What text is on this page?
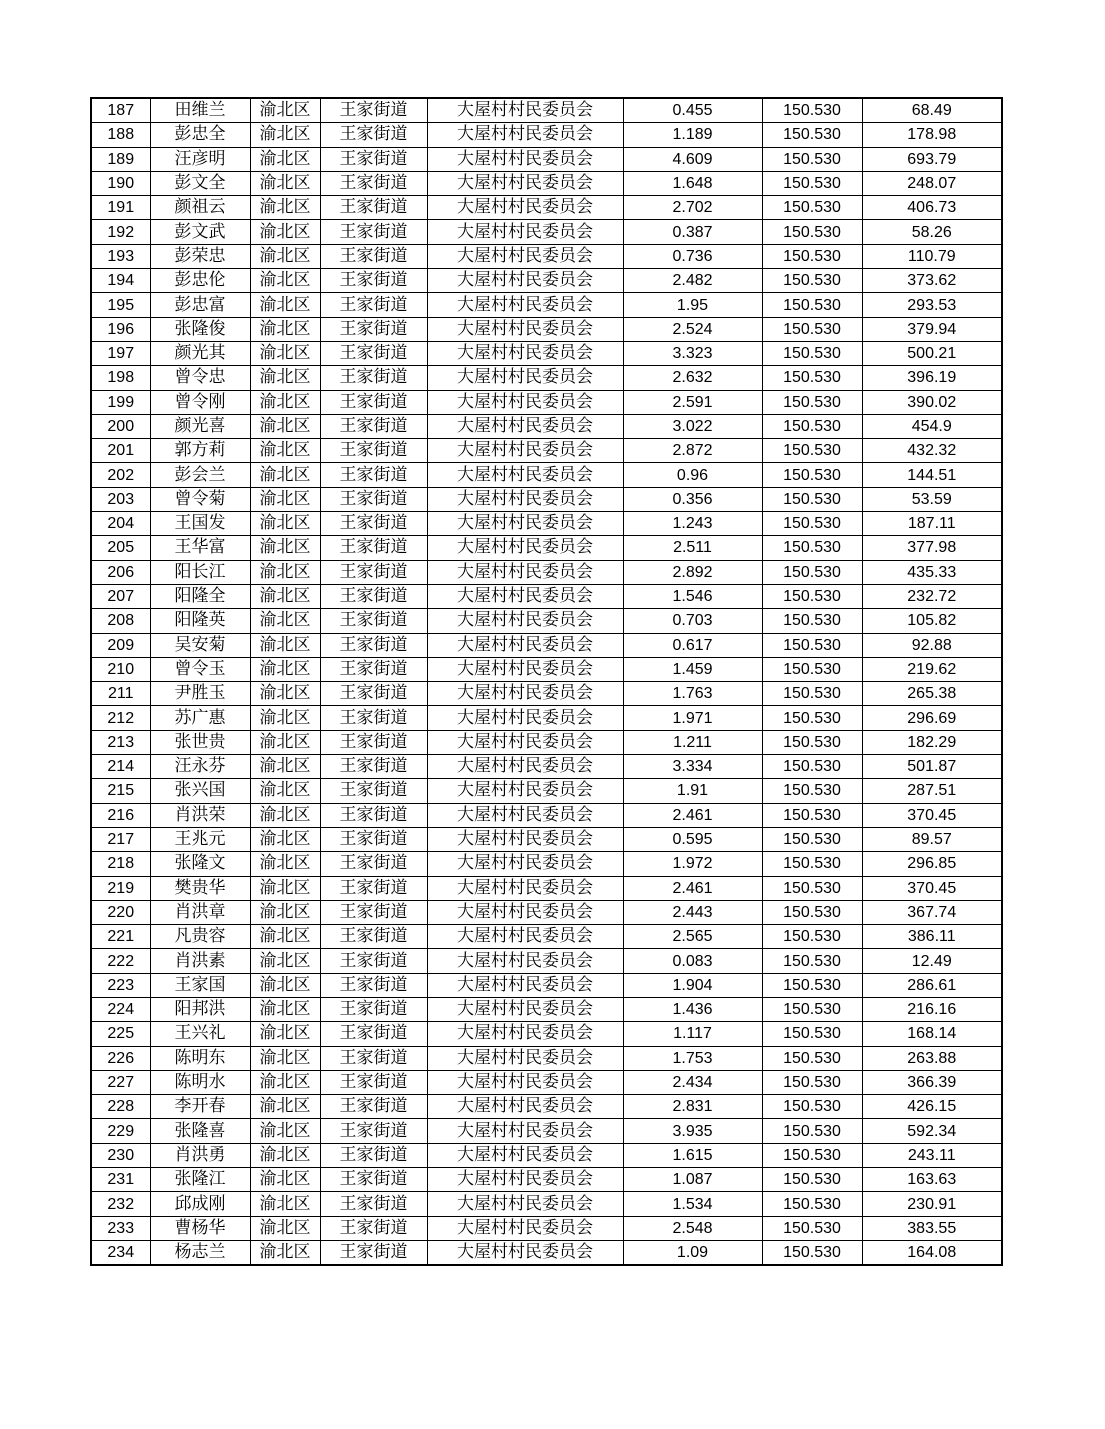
187	田维兰	渝北区	王家街道	大屋村村民委员会	0.455	150.530	68.49
188	彭忠全	渝北区	王家街道	大屋村村民委员会	1.189	150.530	178.98
189	汪彦明	渝北区	王家街道	大屋村村民委员会	4.609	150.530	693.79
190	彭文全	渝北区	王家街道	大屋村村民委员会	1.648	150.530	248.07
191	颜祖云	渝北区	王家街道	大屋村村民委员会	2.702	150.530	406.73
192	彭文武	渝北区	王家街道	大屋村村民委员会	0.387	150.530	58.26
193	彭荣忠	渝北区	王家街道	大屋村村民委员会	0.736	150.530	110.79
194	彭忠伦	渝北区	王家街道	大屋村村民委员会	2.482	150.530	373.62
195	彭忠富	渝北区	王家街道	大屋村村民委员会	1.95	150.530	293.53
196	张隆俊	渝北区	王家街道	大屋村村民委员会	2.524	150.530	379.94
197	颜光其	渝北区	王家街道	大屋村村民委员会	3.323	150.530	500.21
198	曾令忠	渝北区	王家街道	大屋村村民委员会	2.632	150.530	396.19
199	曾令刚	渝北区	王家街道	大屋村村民委员会	2.591	150.530	390.02
200	颜光喜	渝北区	王家街道	大屋村村民委员会	3.022	150.530	454.9
201	郭方莉	渝北区	王家街道	大屋村村民委员会	2.872	150.530	432.32
202	彭会兰	渝北区	王家街道	大屋村村民委员会	0.96	150.530	144.51
203	曾令菊	渝北区	王家街道	大屋村村民委员会	0.356	150.530	53.59
204	王国发	渝北区	王家街道	大屋村村民委员会	1.243	150.530	187.11
205	王华富	渝北区	王家街道	大屋村村民委员会	2.511	150.530	377.98
206	阳长江	渝北区	王家街道	大屋村村民委员会	2.892	150.530	435.33
207	阳隆全	渝北区	王家街道	大屋村村民委员会	1.546	150.530	232.72
208	阳隆英	渝北区	王家街道	大屋村村民委员会	0.703	150.530	105.82
209	吴安菊	渝北区	王家街道	大屋村村民委员会	0.617	150.530	92.88
210	曾令玉	渝北区	王家街道	大屋村村民委员会	1.459	150.530	219.62
211	尹胜玉	渝北区	王家街道	大屋村村民委员会	1.763	150.530	265.38
212	苏广惠	渝北区	王家街道	大屋村村民委员会	1.971	150.530	296.69
213	张世贵	渝北区	王家街道	大屋村村民委员会	1.211	150.530	182.29
214	汪永芬	渝北区	王家街道	大屋村村民委员会	3.334	150.530	501.87
215	张兴国	渝北区	王家街道	大屋村村民委员会	1.91	150.530	287.51
216	肖洪荣	渝北区	王家街道	大屋村村民委员会	2.461	150.530	370.45
217	王兆元	渝北区	王家街道	大屋村村民委员会	0.595	150.530	89.57
218	张隆文	渝北区	王家街道	大屋村村民委员会	1.972	150.530	296.85
219	樊贵华	渝北区	王家街道	大屋村村民委员会	2.461	150.530	370.45
220	肖洪章	渝北区	王家街道	大屋村村民委员会	2.443	150.530	367.74
221	凡贵容	渝北区	王家街道	大屋村村民委员会	2.565	150.530	386.11
222	肖洪素	渝北区	王家街道	大屋村村民委员会	0.083	150.530	12.49
223	王家国	渝北区	王家街道	大屋村村民委员会	1.904	150.530	286.61
224	阳邦洪	渝北区	王家街道	大屋村村民委员会	1.436	150.530	216.16
225	王兴礼	渝北区	王家街道	大屋村村民委员会	1.117	150.530	168.14
226	陈明东	渝北区	王家街道	大屋村村民委员会	1.753	150.530	263.88
227	陈明水	渝北区	王家街道	大屋村村民委员会	2.434	150.530	366.39
228	李开春	渝北区	王家街道	大屋村村民委员会	2.831	150.530	426.15
229	张隆喜	渝北区	王家街道	大屋村村民委员会	3.935	150.530	592.34
230	肖洪勇	渝北区	王家街道	大屋村村民委员会	1.615	150.530	243.11
231	张隆江	渝北区	王家街道	大屋村村民委员会	1.087	150.530	163.63
232	邱成刚	渝北区	王家街道	大屋村村民委员会	1.534	150.530	230.91
233	曹杨华	渝北区	王家街道	大屋村村民委员会	2.548	150.530	383.55
234	杨志兰	渝北区	王家街道	大屋村村民委员会	1.09	150.530	164.08
